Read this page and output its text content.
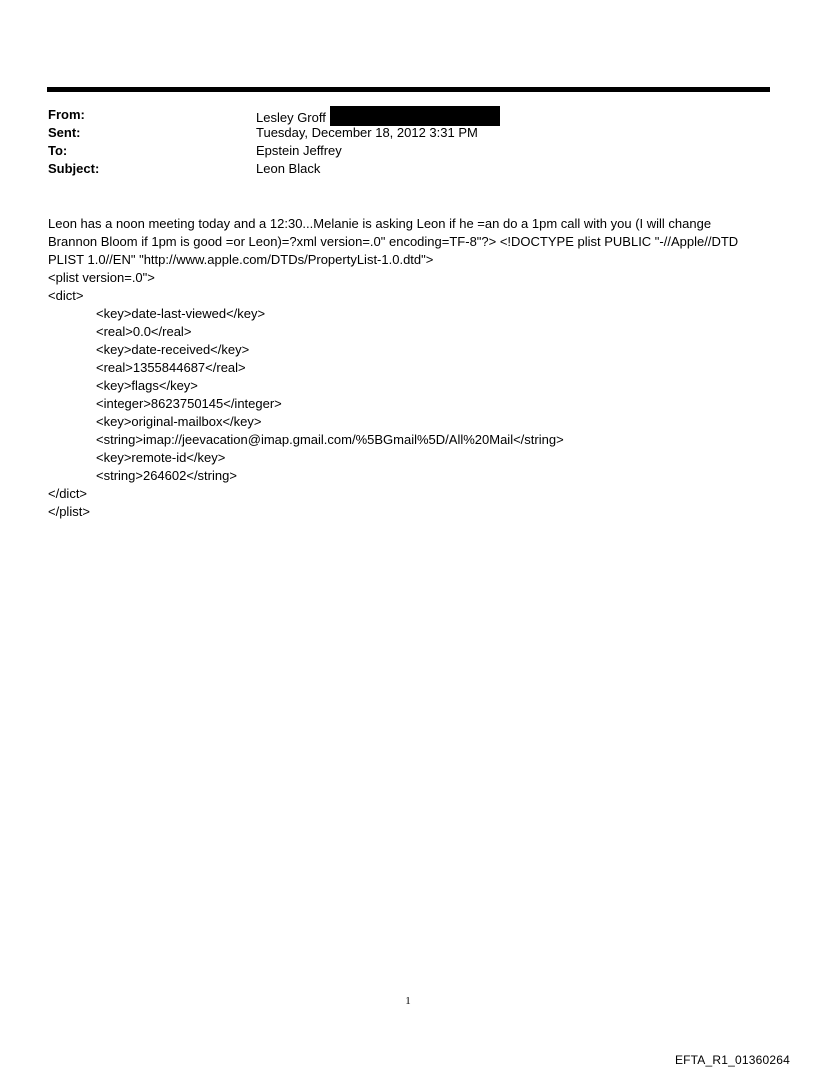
From:	Lesley Groff
Sent:	Tuesday, December 18, 2012 3:31 PM
To:	Epstein Jeffrey
Subject:	Leon Black
Leon has a noon meeting today and a 12:30...Melanie is asking Leon if he =an do a 1pm call with you (I will change
Brannon Bloom if 1pm is good =or Leon)=?xml version=.0" encoding=TF-8"?> <!DOCTYPE plist PUBLIC "-//Apple//DTD
PLIST 1.0//EN" "http://www.apple.com/DTDs/PropertyList-1.0.dtd">
<plist version=.0">
<dict>
<key>date-last-viewed</key>
<real>0.0</real>
<key>date-received</key>
<real>1355844687</real>
<key>flags</key>
<integer>8623750145</integer>
<key>original-mailbox</key>
<string>imap://jeevacation@imap.gmail.com/%5BGmail%5D/All%20Mail</string>
<key>remote-id</key>
<string>264602</string>
</dict>
</plist>
1
EFTA_R1_01360264
